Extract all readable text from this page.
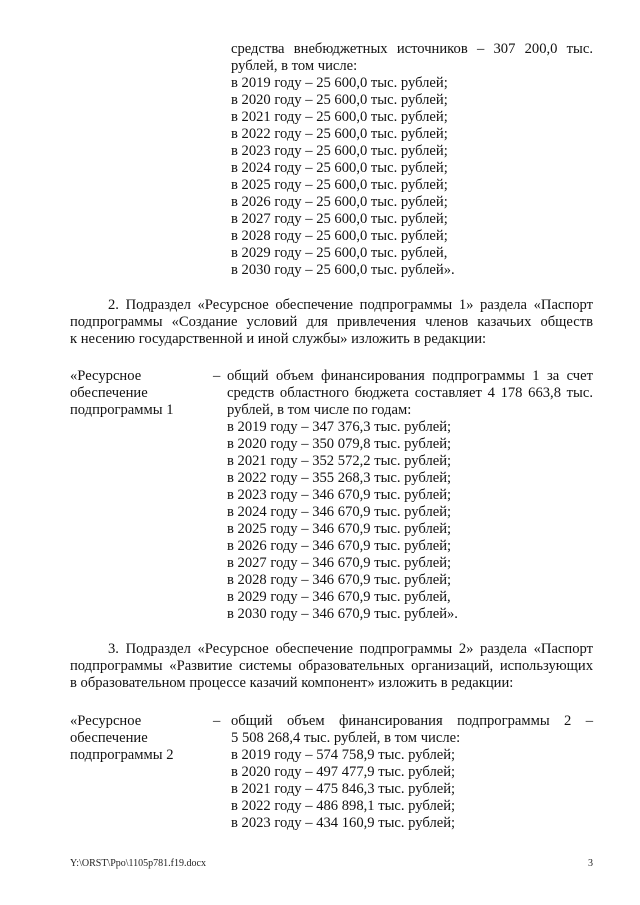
средства внебюджетных источников – 307 200,0 тыс.
рублей, в том числе:
в 2019 году – 25 600,0 тыс. рублей;
в 2020 году – 25 600,0 тыс. рублей;
в 2021 году – 25 600,0 тыс. рублей;
в 2022 году – 25 600,0 тыс. рублей;
в 2023 году – 25 600,0 тыс. рублей;
в 2024 году – 25 600,0 тыс. рублей;
в 2025 году – 25 600,0 тыс. рублей;
в 2026 году – 25 600,0 тыс. рублей;
в 2027 году – 25 600,0 тыс. рублей;
в 2028 году – 25 600,0 тыс. рублей;
в 2029 году – 25 600,0 тыс. рублей,
в 2030 году – 25 600,0 тыс. рублей».
2. Подраздел «Ресурсное обеспечение подпрограммы 1» раздела «Паспорт
подпрограммы «Создание условий для привлечения членов казачьих обществ
к несению государственной и иной службы» изложить в редакции:
«Ресурсное
обеспечение
подпрограммы 1
– общий объем финансирования подпрограммы 1 за счет
средств областного бюджета составляет 4 178 663,8 тыс.
рублей, в том числе по годам:
в 2019 году – 347 376,3 тыс. рублей;
в 2020 году – 350 079,8 тыс. рублей;
в 2021 году – 352 572,2 тыс. рублей;
в 2022 году – 355 268,3 тыс. рублей;
в 2023 году – 346 670,9 тыс. рублей;
в 2024 году – 346 670,9 тыс. рублей;
в 2025 году – 346 670,9 тыс. рублей;
в 2026 году – 346 670,9 тыс. рублей;
в 2027 году – 346 670,9 тыс. рублей;
в 2028 году – 346 670,9 тыс. рублей;
в 2029 году – 346 670,9 тыс. рублей,
в 2030 году – 346 670,9 тыс. рублей».
3. Подраздел «Ресурсное обеспечение подпрограммы 2» раздела «Паспорт
подпрограммы «Развитие системы образовательных организаций, использующих
в образовательном процессе казачий компонент» изложить в редакции:
«Ресурсное
обеспечение
подпрограммы 2
– общий объем финансирования подпрограммы 2 –
5 508 268,4 тыс. рублей, в том числе:
в 2019 году – 574 758,9 тыс. рублей;
в 2020 году – 497 477,9 тыс. рублей;
в 2021 году – 475 846,3 тыс. рублей;
в 2022 году – 486 898,1 тыс. рублей;
в 2023 году – 434 160,9 тыс. рублей;
Y:\ORST\Ppo\1105p781.f19.docx	3
